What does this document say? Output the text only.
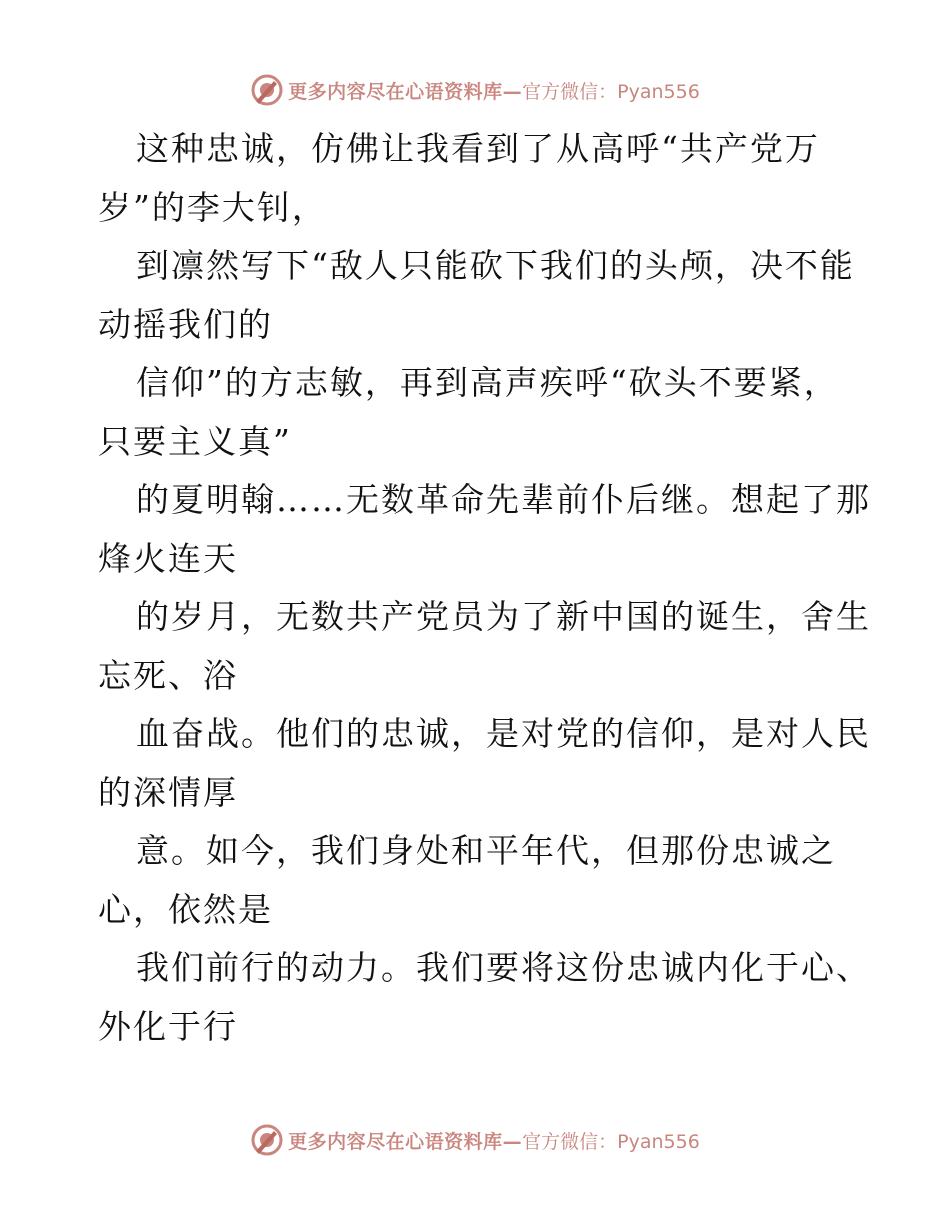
更多内容尽在心语资料库— 官方微信：Pyan556
这种忠诚，仿佛让我看到了从高呼“共产党万
岁”的李大钊，
到凛然写下“敌人只能砍下我们的头颅，决不能
动摇我们的
信仰”的方志敏，再到高声疾呼“砍头不要紧，
只要主义真”
的夏明翰……无数革命先辈前仆后继。想起了那
烽火连天
的岁月，无数共产党员为了新中国的诞生，舍生
忘死、浴
血奋战。他们的忠诚，是对党的信仰，是对人民
的深情厚
意。如今，我们身处和平年代，但那份忠诚之
心，依然是
我们前行的动力。我们要将这份忠诚内化于心、
外化于行
更多内容尽在心语资料库— 官方微信：Pyan556
